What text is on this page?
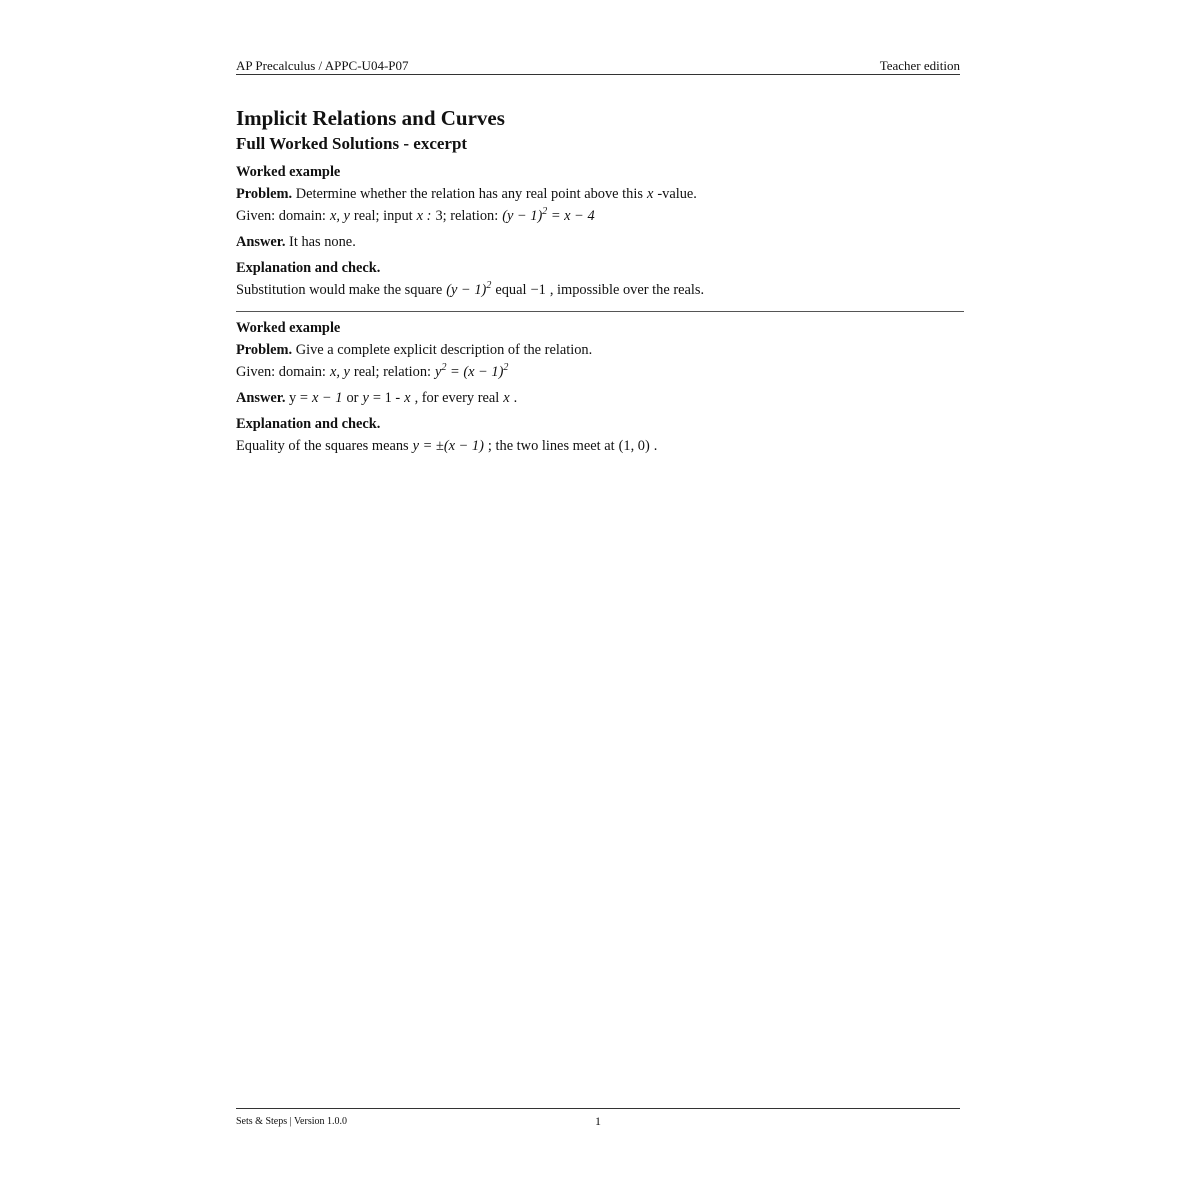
AP Precalculus / APPC-U04-P07	Teacher edition
Implicit Relations and Curves
Full Worked Solutions - excerpt

Worked example

Problem. Determine whether the relation has any real point above this x -value.

Given: domain: x, y real; input x : 3; relation: $(y - 1)^2 = x - 4$

Answer. It has none.

Explanation and check.

Substitution would make the square $(y - 1)^2$ equal −1 , impossible over the reals.

Worked example

Problem. Give a complete explicit description of the relation.

Given: domain: x, y real; relation: $y^2 = (x - 1)^2$

Answer. y = x − 1 or y = 1 - x , for every real x .

Explanation and check.

Equality of the squares means y = ±(x − 1) ; the two lines meet at (1, 0) .

Sets & Steps | Version 1.0.0	1
